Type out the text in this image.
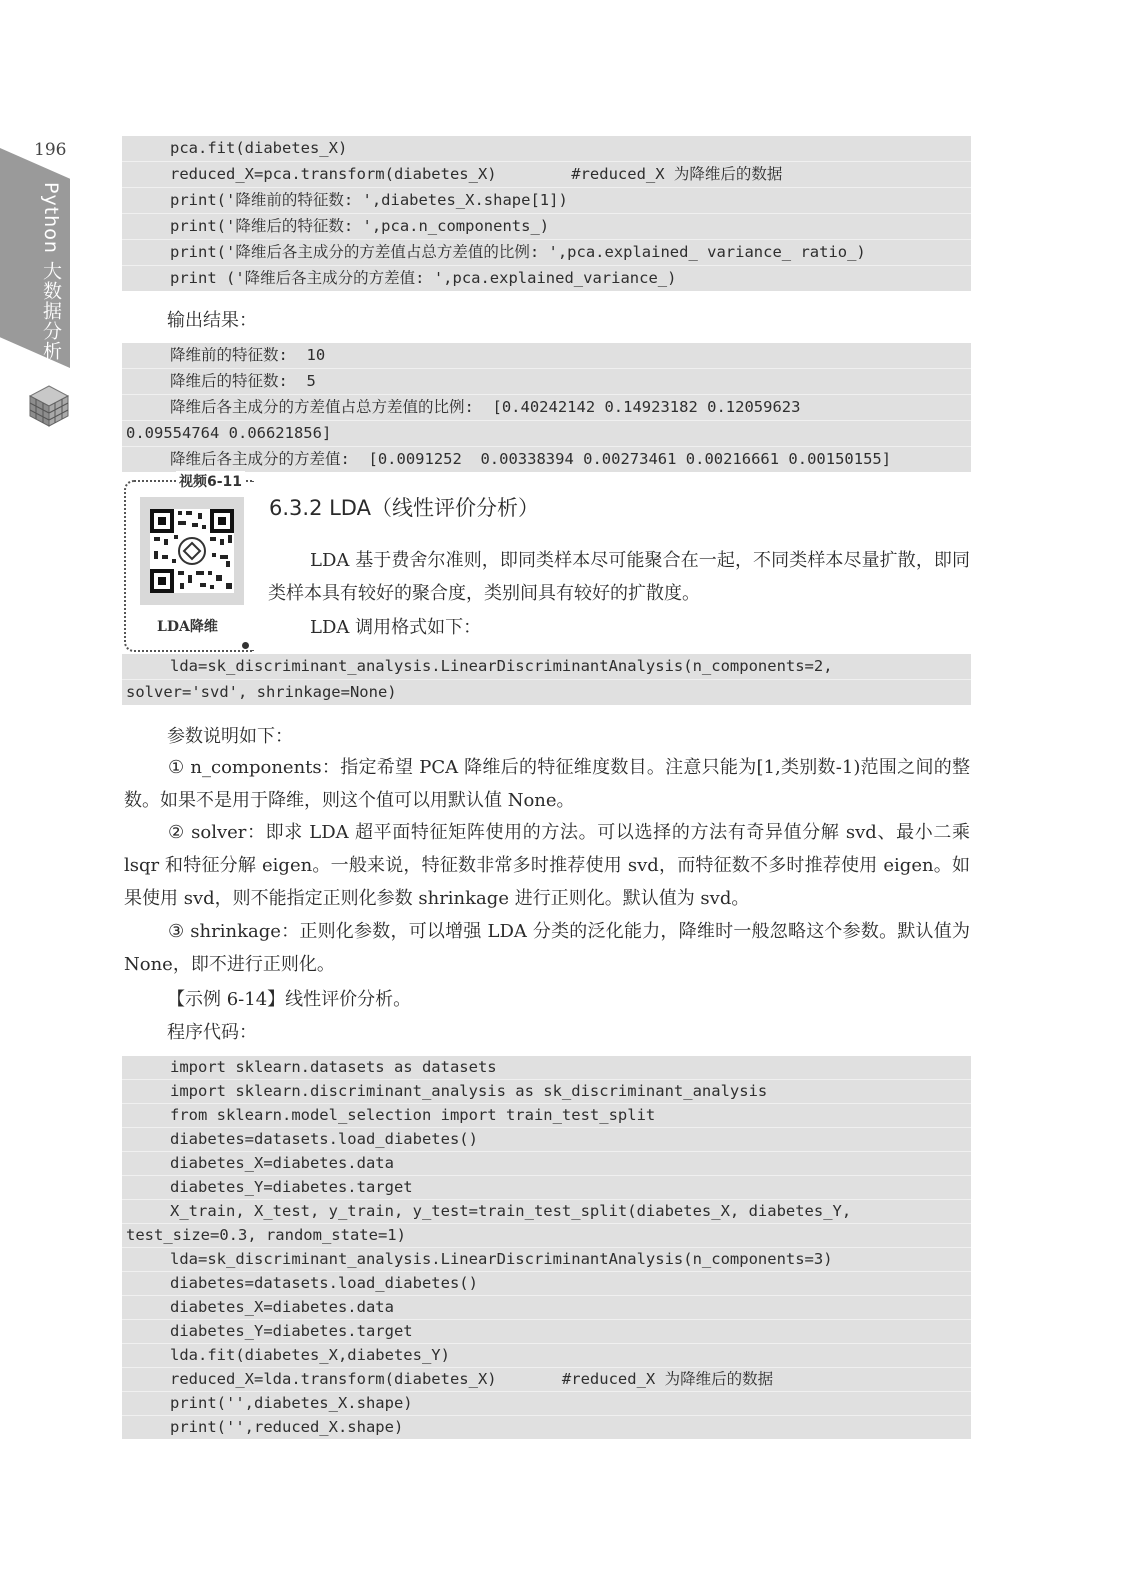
196
Python 大数据分析
pca.fit(diabetes_X)
reduced_X=pca.transform(diabetes_X)        #reduced_X 为降维后的数据
print('降维前的特征数: ',diabetes_X.shape[1])
print('降维后的特征数: ',pca.n_components_)
print('降维后各主成分的方差值占总方差值的比例: ',pca.explained_ variance_ ratio_)
print ('降维后各主成分的方差值: ',pca.explained_variance_)
输出结果：
降维前的特征数:  10
降维后的特征数:  5
降维后各主成分的方差值占总方差值的比例:  [0.40242142 0.14923182 0.12059623
0.09554764 0.06621856]
降维后各主成分的方差值:  [0.0091252  0.00338394 0.00273461 0.00216661 0.00150155]
视频6-11
LDA降维
6.3.2 LDA（线性评价分析）
LDA 基于费舍尔准则，即同类样本尽可能聚合在一起，不同类样本尽量扩散，即同类样本具有较好的聚合度，类别间具有较好的扩散度。
LDA 调用格式如下：
lda=sk_discriminant_analysis.LinearDiscriminantAnalysis(n_components=2,
solver='svd', shrinkage=None)
参数说明如下：
① n_components：指定希望 PCA 降维后的特征维度数目。注意只能为[1,类别数-1)范围之间的整数。如果不是用于降维，则这个值可以用默认值 None。
② solver：即求 LDA 超平面特征矩阵使用的方法。可以选择的方法有奇异值分解 svd、最小二乘 lsqr 和特征分解 eigen。一般来说，特征数非常多时推荐使用 svd，而特征数不多时推荐使用 eigen。如果使用 svd，则不能指定正则化参数 shrinkage 进行正则化。默认值为 svd。
③ shrinkage：正则化参数，可以增强 LDA 分类的泛化能力，降维时一般忽略这个参数。默认值为 None，即不进行正则化。
【示例 6-14】线性评价分析。
程序代码：
import sklearn.datasets as datasets
import sklearn.discriminant_analysis as sk_discriminant_analysis
from sklearn.model_selection import train_test_split
diabetes=datasets.load_diabetes()
diabetes_X=diabetes.data
diabetes_Y=diabetes.target
X_train, X_test, y_train, y_test=train_test_split(diabetes_X, diabetes_Y,
test_size=0.3, random_state=1)
lda=sk_discriminant_analysis.LinearDiscriminantAnalysis(n_components=3)
diabetes=datasets.load_diabetes()
diabetes_X=diabetes.data
diabetes_Y=diabetes.target
lda.fit(diabetes_X,diabetes_Y)
reduced_X=lda.transform(diabetes_X)       #reduced_X 为降维后的数据
print('',diabetes_X.shape)
print('',reduced_X.shape)
